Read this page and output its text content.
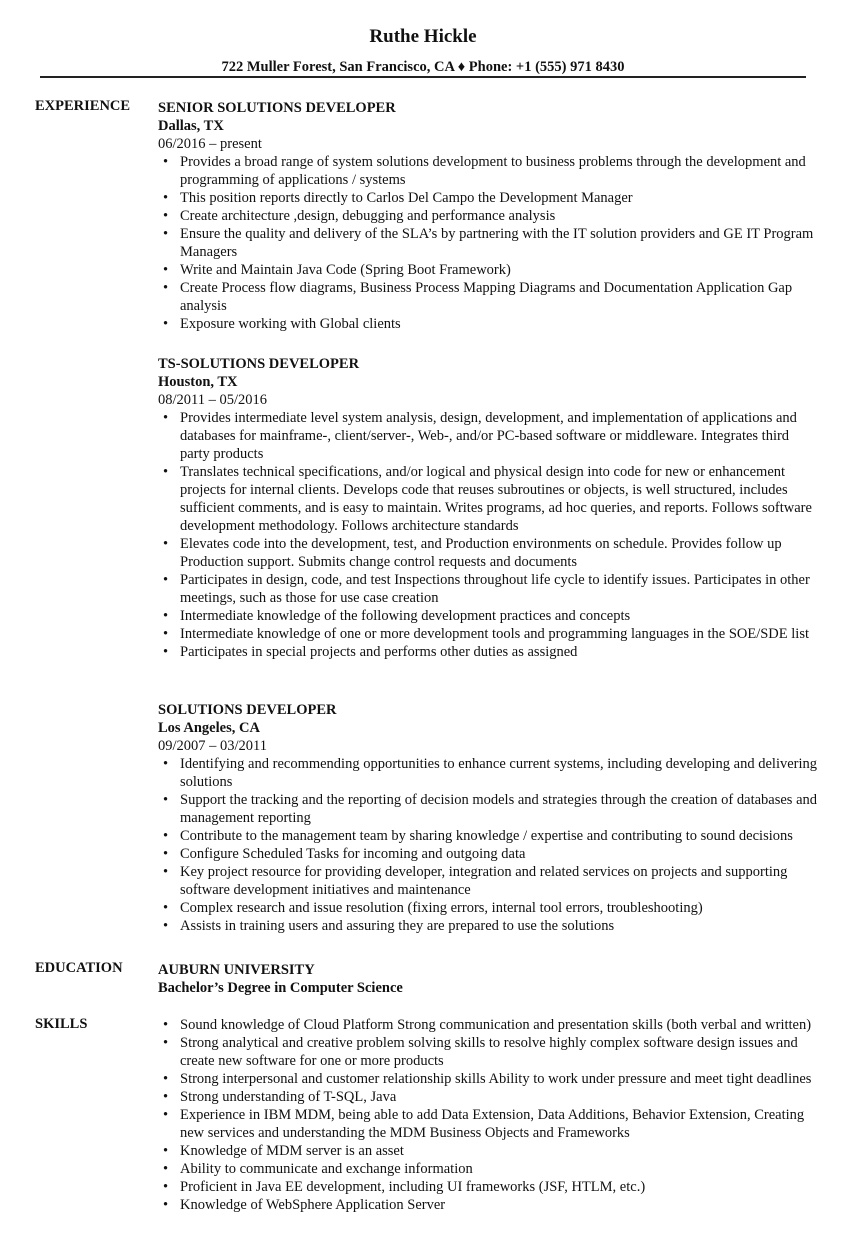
Ruthe Hickle
722 Muller Forest, San Francisco, CA ♦ Phone: +1 (555) 971 8430
EXPERIENCE SENIOR SOLUTIONS DEVELOPER
Dallas, TX
06/2016 – present
• Provides a broad range of system solutions development to business problems through the development and programming of applications / systems
• This position reports directly to Carlos Del Campo the Development Manager
• Create architecture ,design, debugging and performance analysis
• Ensure the quality and delivery of the SLA’s by partnering with the IT solution providers and GE IT Program Managers
• Write and Maintain Java Code (Spring Boot Framework)
• Create Process flow diagrams, Business Process Mapping Diagrams and Documentation Application Gap analysis
• Exposure working with Global clients
TS-SOLUTIONS DEVELOPER
Houston, TX
08/2011 – 05/2016
• Provides intermediate level system analysis, design, development, and implementation of applications and databases for mainframe-, client/server-, Web-, and/or PC-based software or middleware. Integrates third party products
• Translates technical specifications, and/or logical and physical design into code for new or enhancement projects for internal clients. Develops code that reuses subroutines or objects, is well structured, includes sufficient comments, and is easy to maintain. Writes programs, ad hoc queries, and reports. Follows software development methodology. Follows architecture standards
• Elevates code into the development, test, and Production environments on schedule. Provides follow up Production support. Submits change control requests and documents
• Participates in design, code, and test Inspections throughout life cycle to identify issues. Participates in other meetings, such as those for use case creation
• Intermediate knowledge of the following development practices and concepts
• Intermediate knowledge of one or more development tools and programming languages in the SOE/SDE list
• Participates in special projects and performs other duties as assigned
SOLUTIONS DEVELOPER
Los Angeles, CA
09/2007 – 03/2011
• Identifying and recommending opportunities to enhance current systems, including developing and delivering solutions
• Support the tracking and the reporting of decision models and strategies through the creation of databases and management reporting
• Contribute to the management team by sharing knowledge / expertise and contributing to sound decisions
• Configure Scheduled Tasks for incoming and outgoing data
• Key project resource for providing developer, integration and related services on projects and supporting software development initiatives and maintenance
• Complex research and issue resolution (fixing errors, internal tool errors, troubleshooting)
• Assists in training users and assuring they are prepared to use the solutions
EDUCATION AUBURN UNIVERSITY
Bachelor’s Degree in Computer Science
SKILLS
•	Sound knowledge of Cloud Platform Strong communication and presentation skills (both verbal and written)
• Strong analytical and creative problem solving skills to resolve highly complex software design issues and create new software for one or more products
• Strong interpersonal and customer relationship skills Ability to work under pressure and meet tight deadlines
• Strong understanding of T-SQL, Java
• Experience in IBM MDM, being able to add Data Extension, Data Additions, Behavior Extension, Creating new services and understanding the MDM Business Objects and Frameworks
• Knowledge of MDM server is an asset
• Ability to communicate and exchange information
• Proficient in Java EE development, including UI frameworks (JSF, HTLM, etc.)
• Knowledge of WebSphere Application Server
